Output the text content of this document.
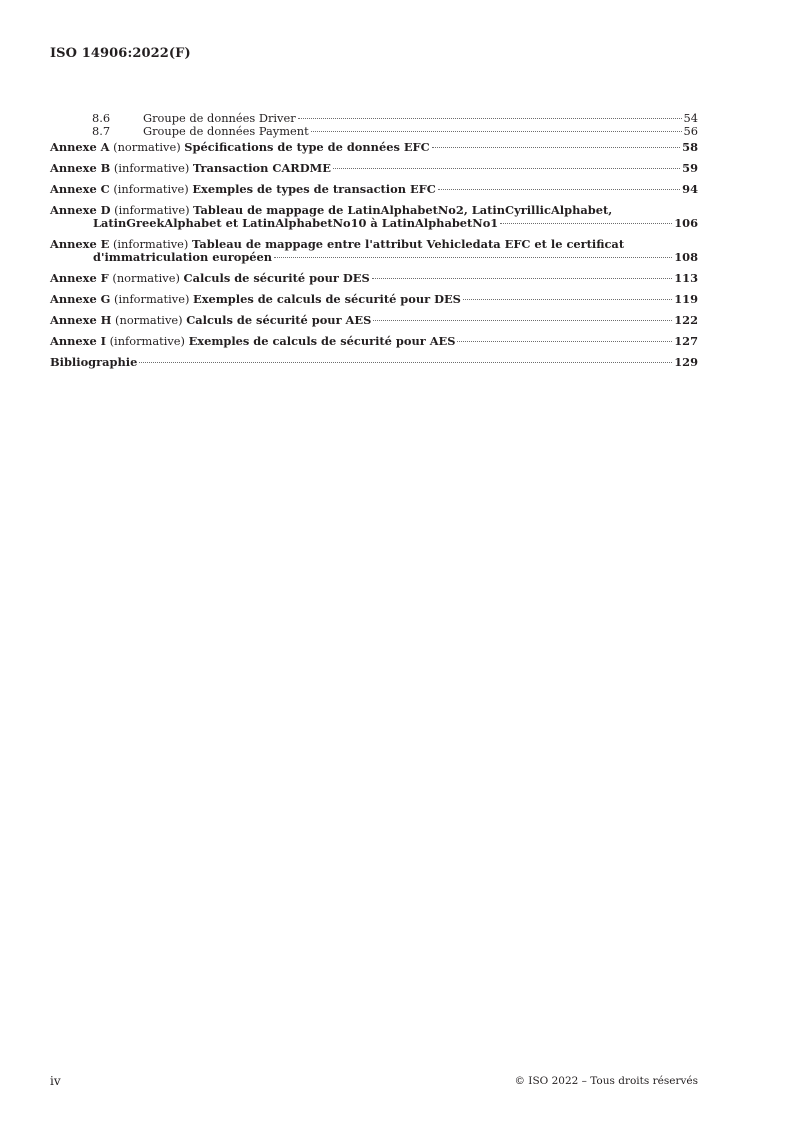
ISO 14906:2022(F)
8.6	Groupe de données Driver	54
8.7	Groupe de données Payment	56
Annexe A (normative) Spécifications de type de données EFC	58
Annexe B (informative) Transaction CARDME	59
Annexe C (informative) Exemples de types de transaction EFC	94
Annexe D (informative) Tableau de mappage de LatinAlphabetNo2, LatinCyrillicAlphabet,
LatinGreekAlphabet et LatinAlphabetNo10 à LatinAlphabetNo1	106
Annexe E (informative) Tableau de mappage entre l'attribut Vehicledata EFC et le certificat
d'immatriculation européen	108
Annexe F (normative) Calculs de sécurité pour DES	113
Annexe G (informative) Exemples de calculs de sécurité pour DES	119
Annexe H (normative) Calculs de sécurité pour AES	122
Annexe I (informative) Exemples de calculs de sécurité pour AES	127
Bibliographie	129
iv	© ISO 2022 – Tous droits réservés
